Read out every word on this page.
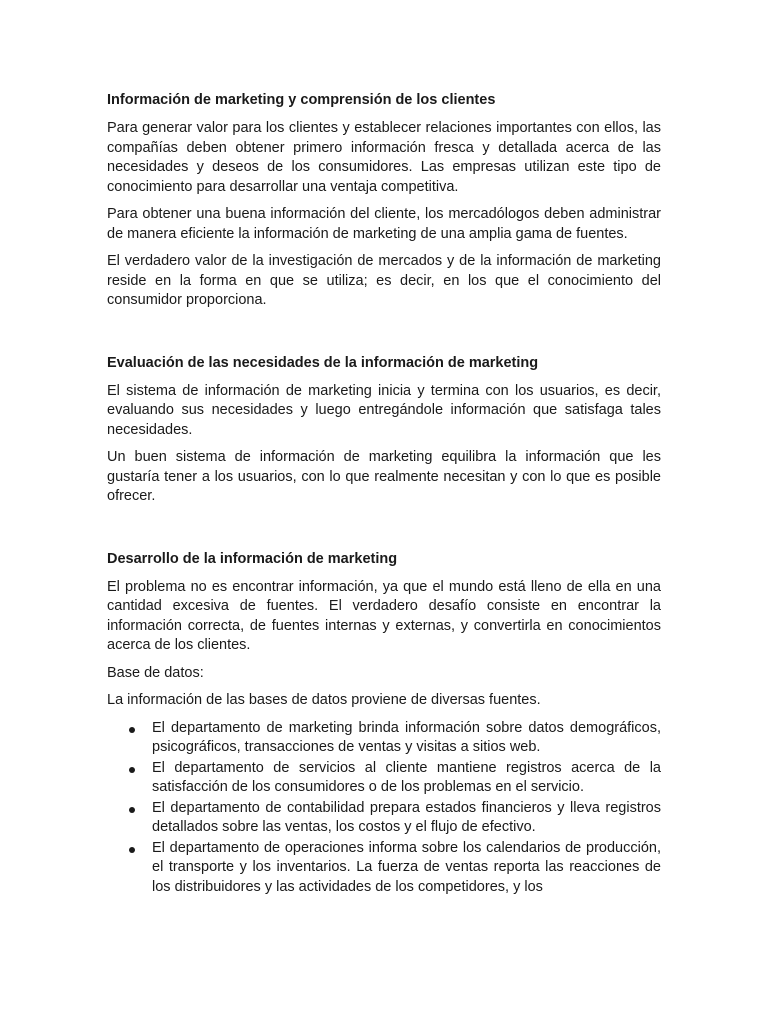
Información de marketing y comprensión de los clientes

Para generar valor para los clientes y establecer relaciones importantes con ellos, las compañías deben obtener primero información fresca y detallada acerca de las necesidades y deseos de los consumidores. Las empresas utilizan este tipo de conocimiento para desarrollar una ventaja competitiva.

Para obtener una buena información del cliente, los mercadólogos deben administrar de manera eficiente la información de marketing de una amplia gama de fuentes.

El verdadero valor de la investigación de mercados y de la información de marketing reside en la forma en que se utiliza; es decir, en los que el conocimiento del consumidor proporciona.

Evaluación de las necesidades de la información de marketing

El sistema de información de marketing inicia y termina con los usuarios, es decir, evaluando sus necesidades y luego entregándole información que satisfaga tales necesidades.

Un buen sistema de información de marketing equilibra la información que les gustaría tener a los usuarios, con lo que realmente necesitan y con lo que es posible ofrecer.

Desarrollo de la información de marketing

El problema no es encontrar información, ya que el mundo está lleno de ella en una cantidad excesiva de fuentes. El verdadero desafío consiste en encontrar la información correcta, de fuentes internas y externas, y convertirla en conocimientos acerca de los clientes.

Base de datos:

La información de las bases de datos proviene de diversas fuentes.

El departamento de marketing brinda información sobre datos demográficos, psicográficos, transacciones de ventas y visitas a sitios web.
El departamento de servicios al cliente mantiene registros acerca de la satisfacción de los consumidores o de los problemas en el servicio.
El departamento de contabilidad prepara estados financieros y lleva registros detallados sobre las ventas, los costos y el flujo de efectivo.
El departamento de operaciones informa sobre los calendarios de producción, el transporte y los inventarios. La fuerza de ventas reporta las reacciones de los distribuidores y las actividades de los competidores, y los
